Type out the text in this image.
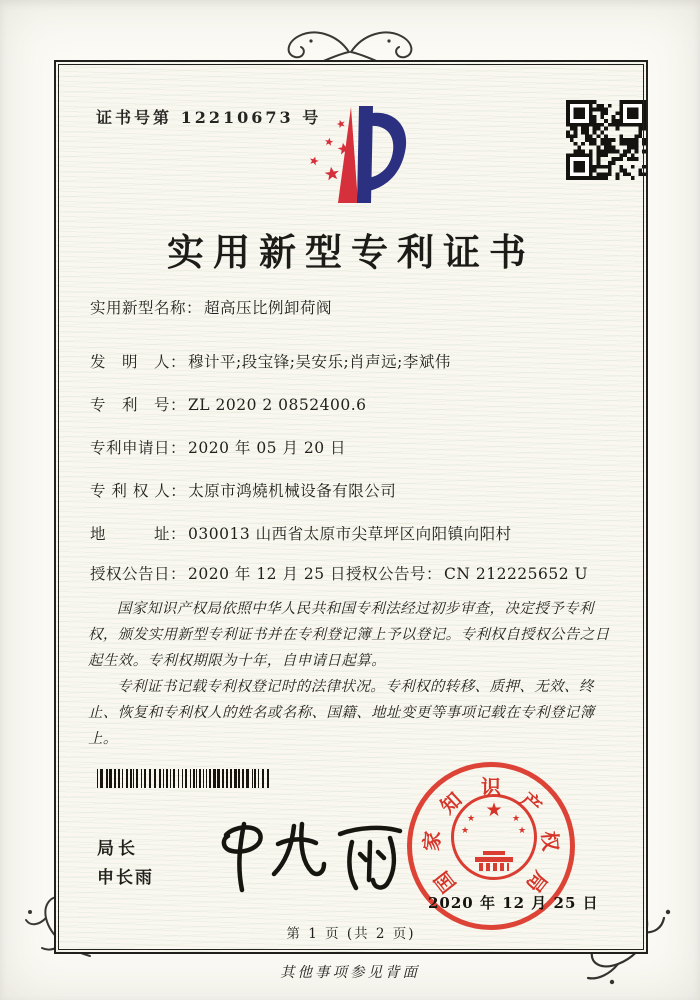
证书号第 12210673 号
实用新型专利证书
实用新型名称： 超高压比例卸荷阀
发　明　人： 穆计平;段宝锋;吴安乐;肖声远;李斌伟
专　利　号： ZL 2020 2 0852400.6
专利申请日： 2020 年 05 月 20 日
专 利 权 人： 太原市鸿燒机械设备有限公司
地　　　址： 030013 山西省太原市尖草坪区向阳镇向阳村
授权公告日： 2020 年 12 月 25 日 授权公告号： CN 212225652 U

国家知识产权局依照中华人民共和国专利法经过初步审查，决定授予专利权，颁发实用新型专利证书并在专利登记簿上予以登记。专利权自授权公告之日起生效。专利权期限为十年，自申请日起算。

专利证书记载专利权登记时的法律状况。专利权的转移、质押、无效、终止、恢复和专利权人的姓名或名称、国籍、地址变更等事项记载在专利登记簿上。

局长
申长雨	国
家
知
识
产
权
局
★
★	★
★	★
2020 年 12 月 25 日
第 1 页 (共 2 页)
其他事项参见背面
